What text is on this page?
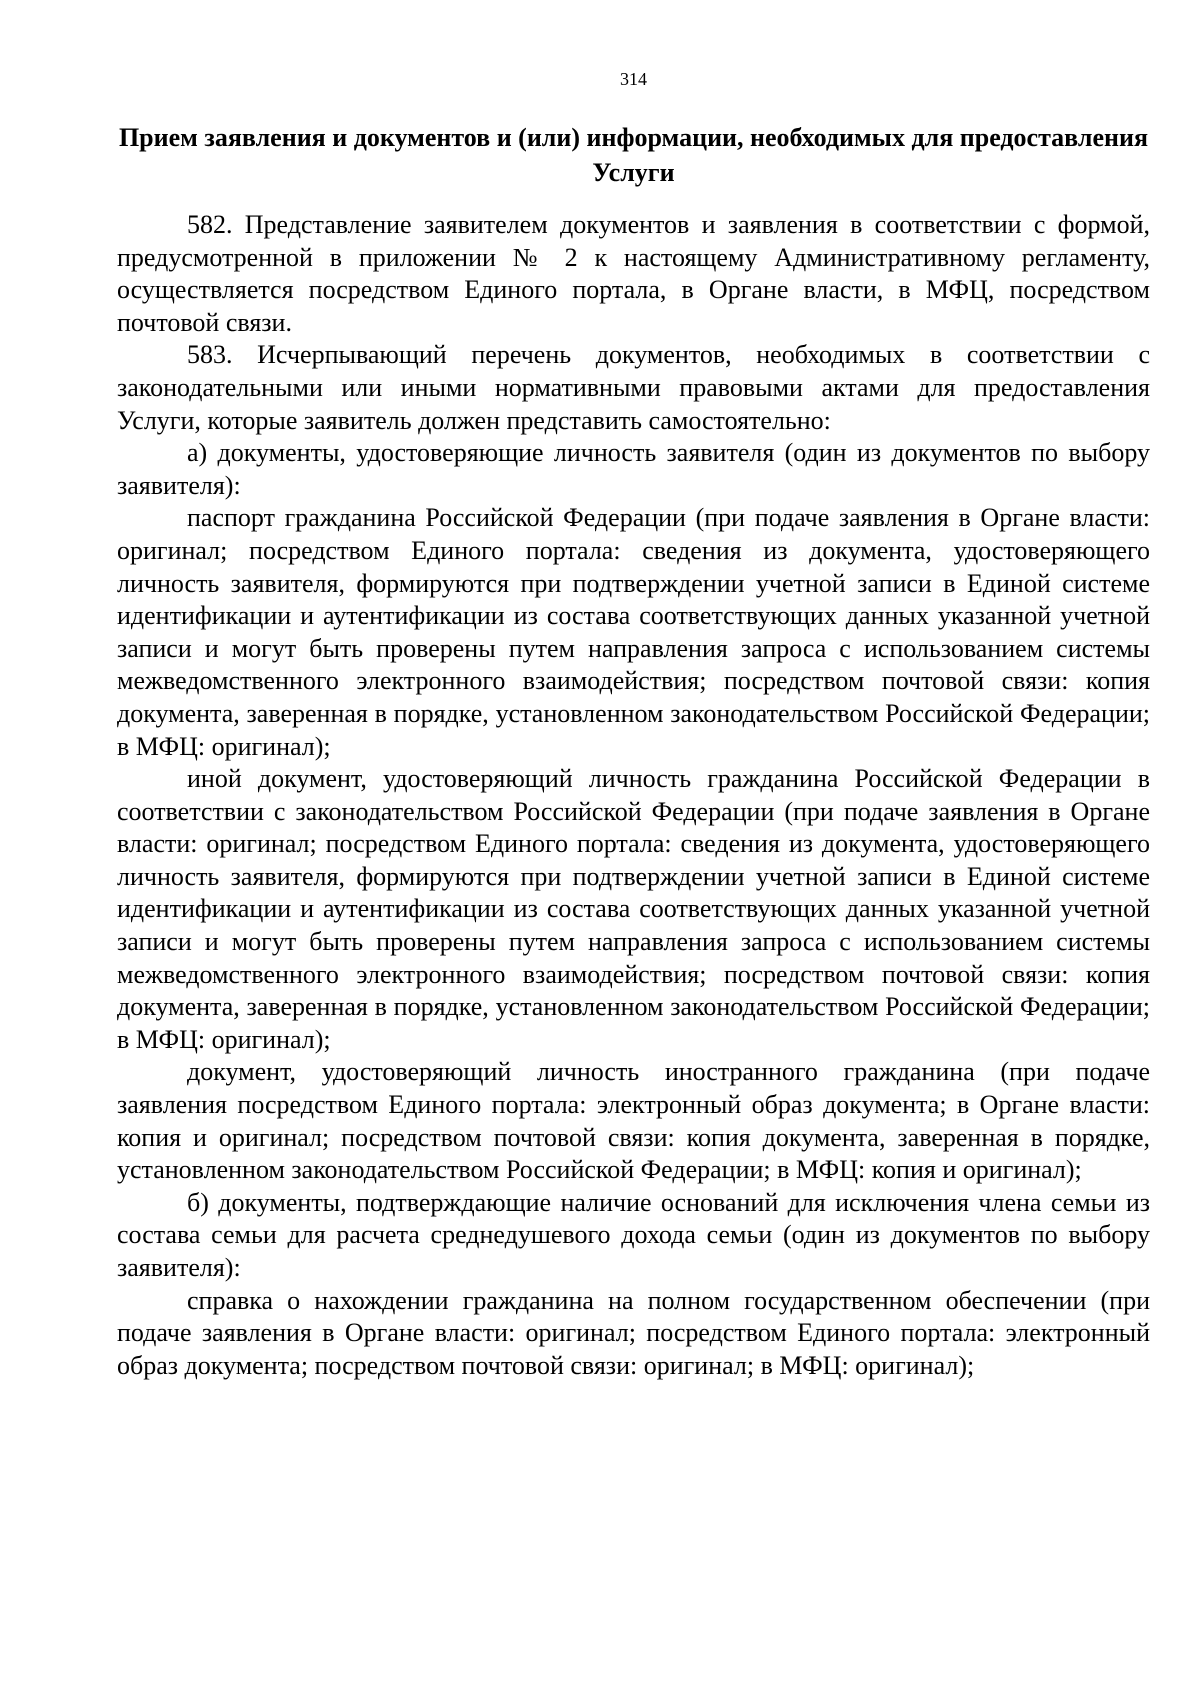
314
Прием заявления и документов и (или) информации, необходимых для предоставления Услуги

582. Представление заявителем документов и заявления в соответствии с формой, предусмотренной в приложении № 2 к настоящему Административному регламенту, осуществляется посредством Единого портала, в Органе власти, в МФЦ, посредством почтовой связи.

583. Исчерпывающий перечень документов, необходимых в соответствии с законодательными или иными нормативными правовыми актами для предоставления Услуги, которые заявитель должен представить самостоятельно:

а) документы, удостоверяющие личность заявителя (один из документов по выбору заявителя):

паспорт гражданина Российской Федерации (при подаче заявления в Органе власти: оригинал; посредством Единого портала: сведения из документа, удостоверяющего личность заявителя, формируются при подтверждении учетной записи в Единой системе идентификации и аутентификации из состава соответствующих данных указанной учетной записи и могут быть проверены путем направления запроса с использованием системы межведомственного электронного взаимодействия; посредством почтовой связи: копия документа, заверенная в порядке, установленном законодательством Российской Федерации; в МФЦ: оригинал);

иной документ, удостоверяющий личность гражданина Российской Федерации в соответствии с законодательством Российской Федерации (при подаче заявления в Органе власти: оригинал; посредством Единого портала: сведения из документа, удостоверяющего личность заявителя, формируются при подтверждении учетной записи в Единой системе идентификации и аутентификации из состава соответствующих данных указанной учетной записи и могут быть проверены путем направления запроса с использованием системы межведомственного электронного взаимодействия; посредством почтовой связи: копия документа, заверенная в порядке, установленном законодательством Российской Федерации; в МФЦ: оригинал);

документ, удостоверяющий личность иностранного гражданина (при подаче заявления посредством Единого портала: электронный образ документа; в Органе власти: копия и оригинал; посредством почтовой связи: копия документа, заверенная в порядке, установленном законодательством Российской Федерации; в МФЦ: копия и оригинал);

б) документы, подтверждающие наличие оснований для исключения члена семьи из состава семьи для расчета среднедушевого дохода семьи (один из документов по выбору заявителя):

справка о нахождении гражданина на полном государственном обеспечении (при подаче заявления в Органе власти: оригинал; посредством Единого портала: электронный образ документа; посредством почтовой связи: оригинал; в МФЦ: оригинал);
